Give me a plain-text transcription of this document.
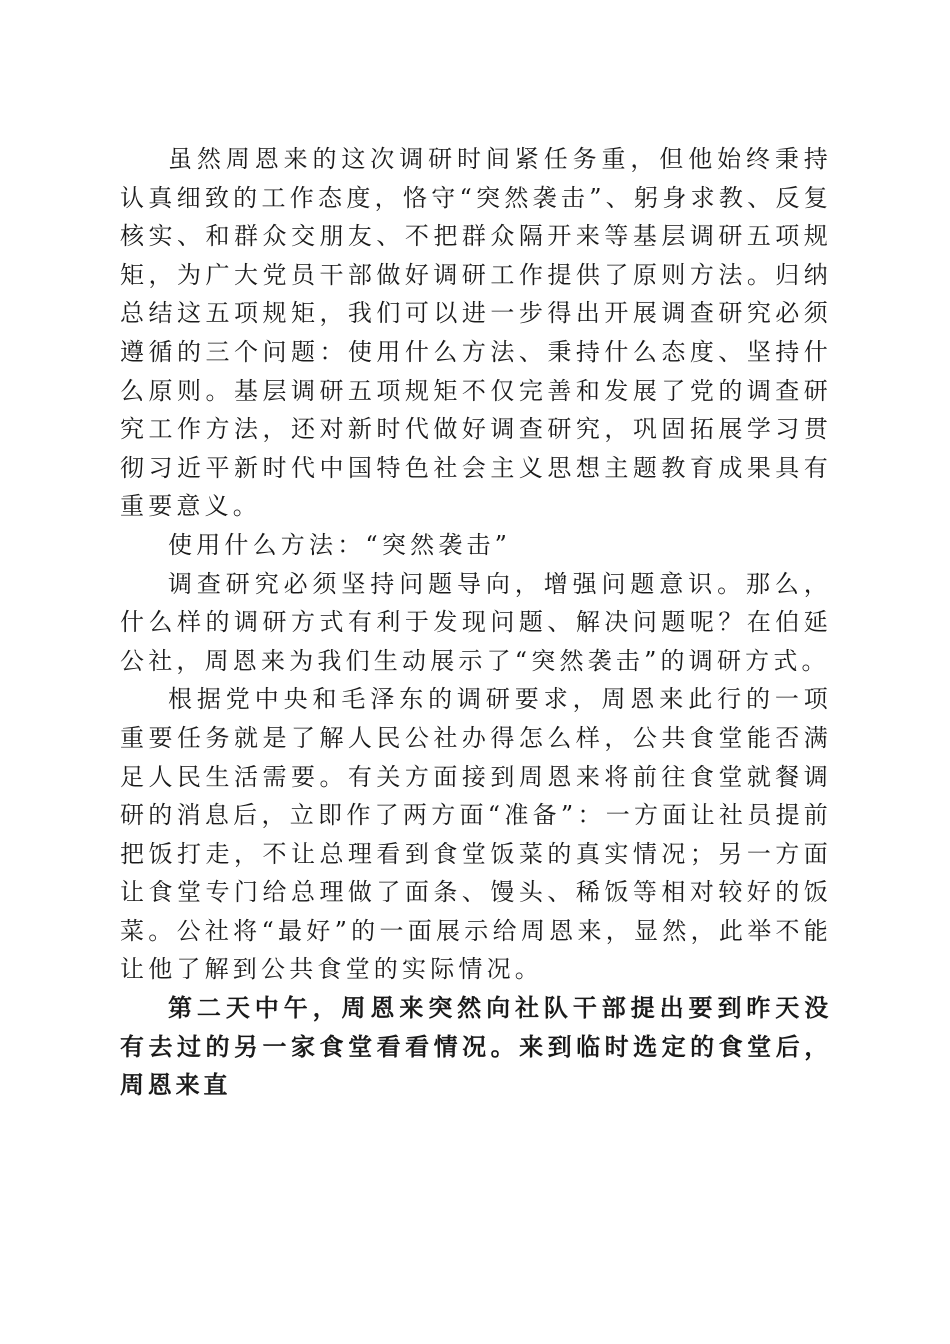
虽然周恩来的这次调研时间紧任务重，但他始终秉持认真细致的工作态度，恪守“突然袭击”、躬身求教、反复核实、和群众交朋友、不把群众隔开来等基层调研五项规矩，为广大党员干部做好调研工作提供了原则方法。归纳总结这五项规矩，我们可以进一步得出开展调查研究必须遵循的三个问题：使用什么方法、秉持什么态度、坚持什么原则。基层调研五项规矩不仅完善和发展了党的调查研究工作方法，还对新时代做好调查研究，巩固拓展学习贯彻习近平新时代中国特色社会主义思想主题教育成果具有重要意义。

使用什么方法：“突然袭击”

调查研究必须坚持问题导向，增强问题意识。那么，什么样的调研方式有利于发现问题、解决问题呢？在伯延公社，周恩来为我们生动展示了“突然袭击”的调研方式。

根据党中央和毛泽东的调研要求，周恩来此行的一项重要任务就是了解人民公社办得怎么样，公共食堂能否满足人民生活需要。有关方面接到周恩来将前往食堂就餐调研的消息后，立即作了两方面“准备”：一方面让社员提前把饭打走，不让总理看到食堂饭菜的真实情况；另一方面让食堂专门给总理做了面条、馒头、稀饭等相对较好的饭菜。公社将“最好”的一面展示给周恩来，显然，此举不能让他了解到公共食堂的实际情况。

第二天中午，周恩来突然向社队干部提出要到昨天没有去过的另一家食堂看看情况。来到临时选定的食堂后，周恩来直
